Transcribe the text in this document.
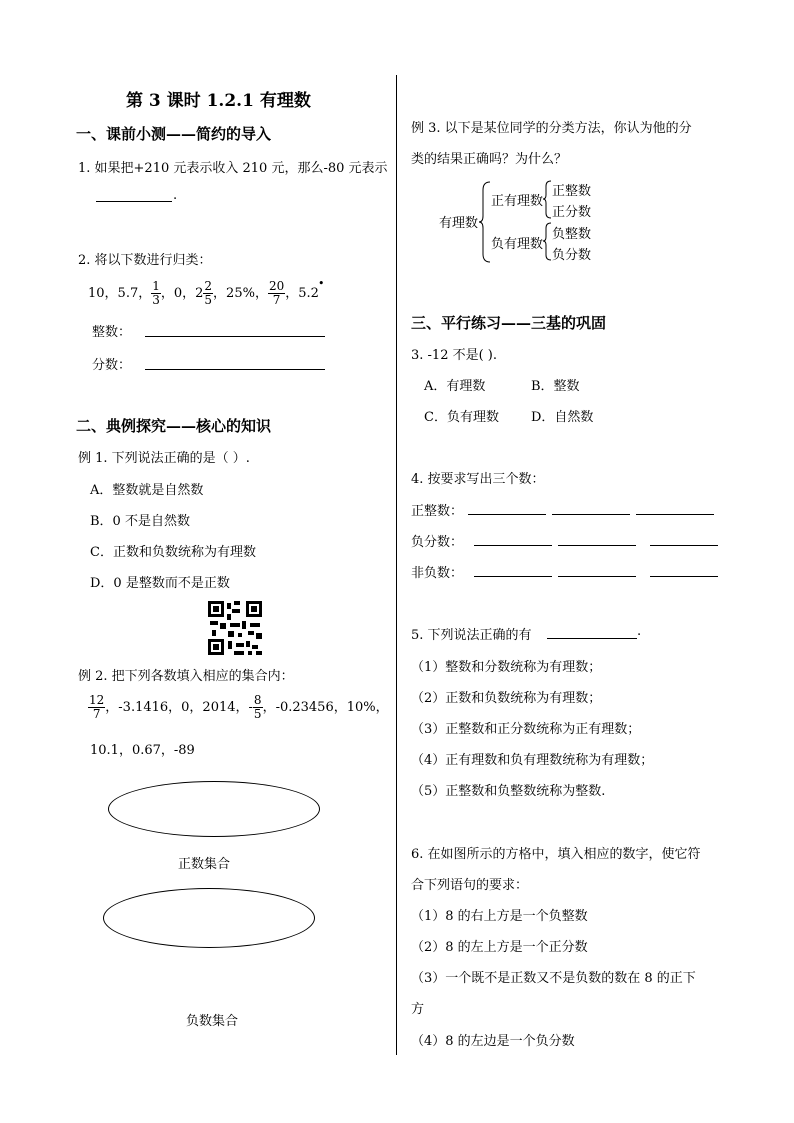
第 3 课时 1.2.1 有理数
一、课前小测——简约的导入
1. 如果把+210 元表示收入 210 元，那么-80 元表示
.
2. 将以下数进行归类：
10，5.7， $\frac{1}{3}$ ，0，$2 \frac{2}{5}$ ，25%， $\frac{20}{7}$ ，5.2
•
整数：
分数：
二、典例探究——核心的知识
例 1. 下列说法正确的是（ ）.
A．整数就是自然数
B．0 不是自然数
C．正数和负数统称为有理数
D．0 是整数而不是正数
例 2. 把下列各数填入相应的集合内：
$\frac{12}{7}$ ，-3.1416，0，2014，- $\frac{8}{5}$ ，-0.23456，10%，
10.1，0.67，-89
正数集合
负数集合
例 3. 以下是某位同学的分类方法，你认为他的分
类的结果正确吗？为什么？
有理数
正有理数
负有理数
正整数
正分数
负整数
负分数
三、平行练习——三基的巩固
3. -12 不是( ).
A．有理数	B．整数
C．负有理数 D．自然数
4. 按要求写出三个数：
正整数：
负分数：
非负数：
5. 下列说法正确的有	.
（1）整数和分数统称为有理数；
（2）正数和负数统称为有理数；
（3）正整数和正分数统称为正有理数；
（4）正有理数和负有理数统称为有理数；
（5）正整数和负整数统称为整数.
6. 在如图所示的方格中，填入相应的数字，使它符
合下列语句的要求：
（1）8 的右上方是一个负整数
（2）8 的左上方是一个正分数
（3）一个既不是正数又不是负数的数在 8 的正下
方
（4）8 的左边是一个负分数
